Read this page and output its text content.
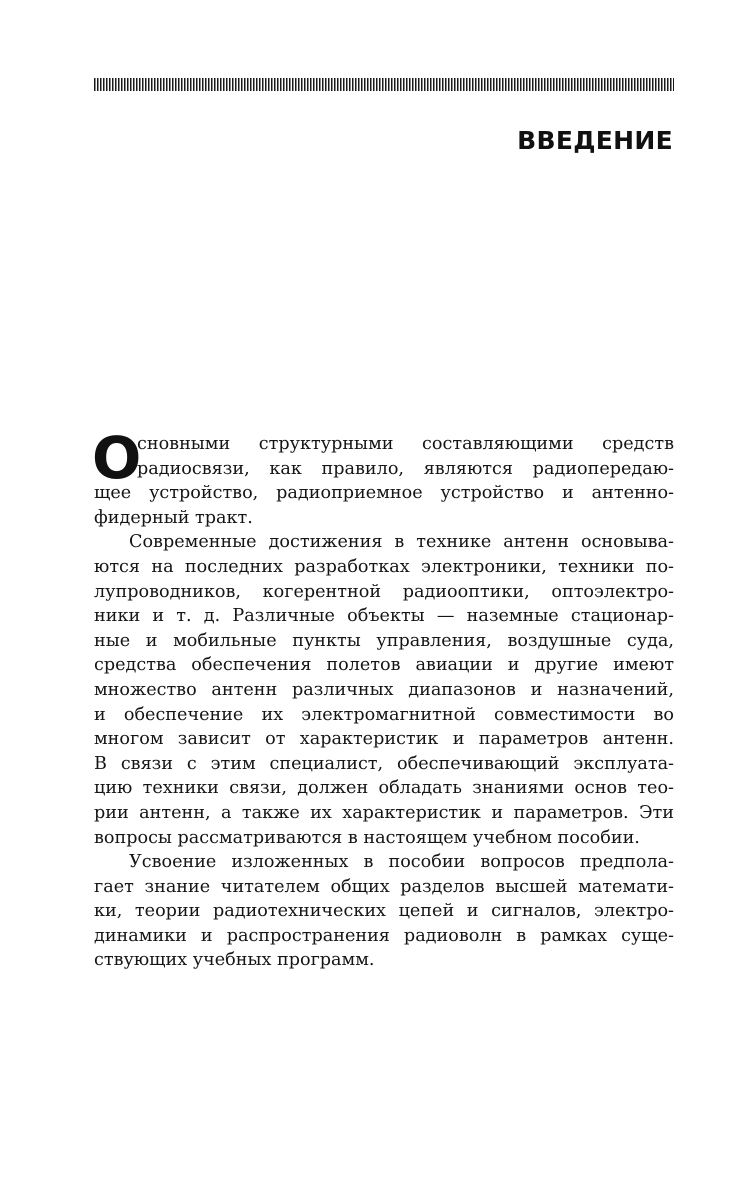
ВВЕДЕНИЕ

О
сновными структурными составляющими средств
радиосвязи, как правило, являются радиопередаю-
щее устройство, радиоприемное устройство и антенно-
фидерный тракт.

Современные достижения в технике антенн основыва-
ются на последних разработках электроники, техники по-
лупроводников, когерентной радиооптики, оптоэлектро-
ники и т. д. Различные объекты — наземные стационар-
ные и мобильные пункты управления, воздушные суда,
средства обеспечения полетов авиации и другие имеют
множество антенн различных диапазонов и назначений,
и обеспечение их электромагнитной совместимости во
многом зависит от характеристик и параметров антенн.
В связи с этим специалист, обеспечивающий эксплуата-
цию техники связи, должен обладать знаниями основ тео-
рии антенн, а также их характеристик и параметров. Эти
вопросы рассматриваются в настоящем учебном пособии.

Усвоение изложенных в пособии вопросов предпола-
гает знание читателем общих разделов высшей математи-
ки, теории радиотехнических цепей и сигналов, электро-
динамики и распространения радиоволн в рамках суще-
ствующих учебных программ.
